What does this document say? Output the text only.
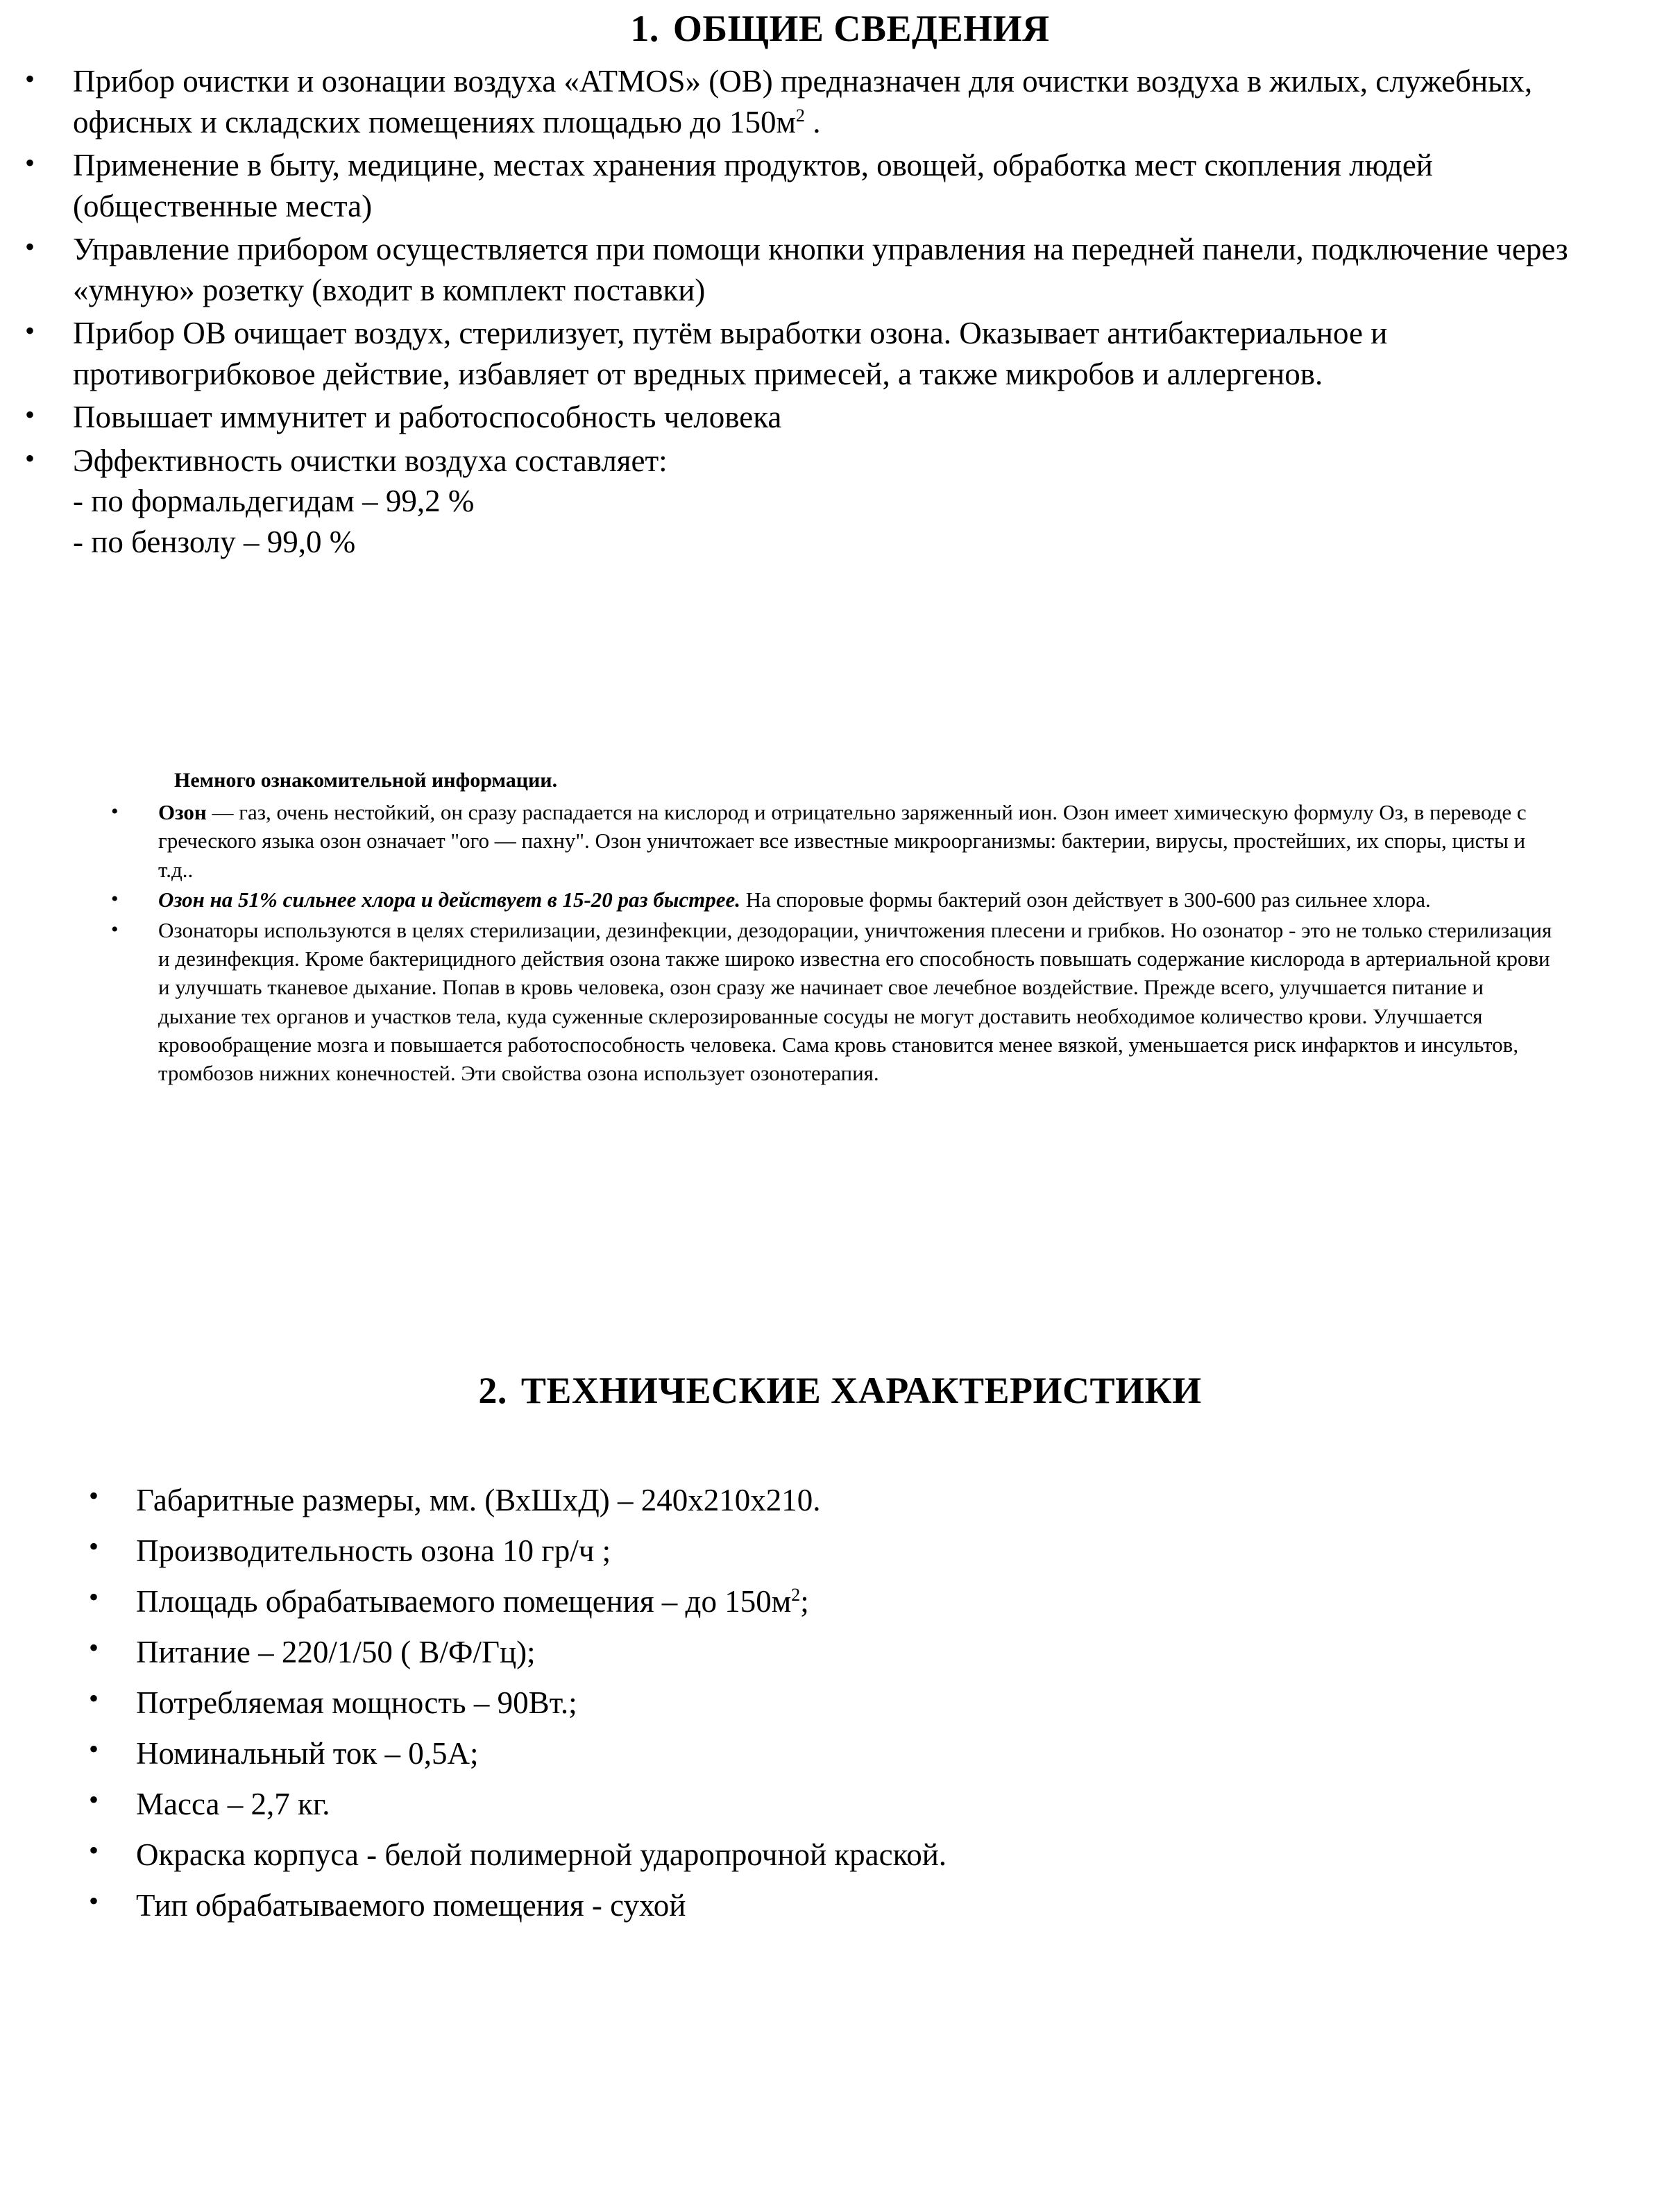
1. ОБЩИЕ СВЕДЕНИЯ
• Прибор очистки и озонации воздуха «ATMOS» (ОВ) предназначен для очистки воздуха в жилых, служебных, офисных и складских помещениях площадью до $150м^2$ .
• Применение в быту, медицине, местах хранения продуктов, овощей, обработка мест скопления людей (общественные места)
• Управление прибором осуществляется при помощи кнопки управления на передней панели, подключение через «умную» розетку (входит в комплект поставки)
• Прибор ОВ очищает воздух, стерилизует, путём выработки озона. Оказывает антибактериальное и противогрибковое действие, избавляет от вредных примесей, а также микробов и аллергенов.
• Повышает иммунитет и работоспособность человека
• Эффективность очистки воздуха составляет:
- по формальдегидам – 99,2 %
- по бензолу – 99,0 %
Немного ознакомительной информации.
• Озон — газ, очень нестойкий, он сразу распадается на кислород и отрицательно заряженный ион. Озон имеет химическую формулу Оз, в переводе с греческого языка озон означает "ого — пахну". Озон уничтожает все известные микроорганизмы: бактерии, вирусы, простейших, их споры, цисты и т.д..
• Озон на 51% сильнее хлора и действует в 15-20 раз быстрее. На споровые формы бактерий озон действует в 300-600 раз сильнее хлора.
• Озонаторы используются в целях стерилизации, дезинфекции, дезодорации, уничтожения плесени и грибков. Но озонатор - это не только стерилизация и дезинфекция. Кроме бактерицидного действия озона также широко известна его способность повышать содержание кислорода в артериальной крови и улучшать тканевое дыхание. Попав в кровь человека, озон сразу же начинает свое лечебное воздействие. Прежде всего, улучшается питание и дыхание тех органов и участков тела, куда суженные склерозированные сосуды не могут доставить необходимое количество крови. Улучшается кровообращение мозга и повышается работоспособность человека. Сама кровь становится менее вязкой, уменьшается риск инфарктов и инсультов, тромбозов нижних конечностей. Эти свойства озона использует озонотерапия.
2. ТЕХНИЧЕСКИЕ ХАРАКТЕРИСТИКИ
• Габаритные размеры, мм. (ВхШхД) – 240х210х210.
• Производительность озона 10 гр/ч ;
• Площадь обрабатываемого помещения – до $150м^2$;
• Питание – 220/1/50 ( В/Ф/Гц);
• Потребляемая мощность – 90Вт.;
• Номинальный ток – 0,5А;
• Масса – 2,7 кг.
• Окраска корпуса - белой полимерной ударопрочной краской.
• Тип обрабатываемого помещения - сухой
